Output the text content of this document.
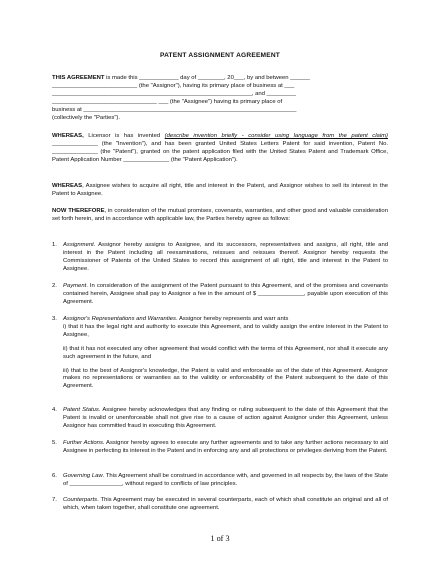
PATENT ASSIGNMENT AGREEMENT
THIS AGREEMENT is made this ____________ day of ________, 20___, by and between ______
__________________________ (the "Assignor"), having its primary place of business at ___
_____________________________________________________________, and _________
________________________________ ___ (the "Assignee") having its primary place of
business at _________________________________________________________________
(collectively the "Parties").
WHEREAS, Licensor is has invented (describe invention briefly - consider using language from the patent claim) ______________ (the "Invention"), and has been granted United States Letters Patent for said invention, Patent No. ______________ (the "Patent"), granted on the patent application filed with the United States Patent and Trademark Office, Patent Application Number ______________ (the "Patent Application").
WHEREAS, Assignee wishes to acquire all right, title and interest in the Patent, and Assignor wishes to sell its interest in the Patent to Assignee.
NOW THEREFORE, in consideration of the mutual promises, covenants, warranties, and other good and valuable consideration set forth herein, and in accordance with applicable law, the Parties hereby agree as follows:
1. Assignment. Assignor hereby assigns to Assignee, and its successors, representatives and assigns, all right, title and interest in the Patent including all reexaminations, reissues and reissues thereof. Assignor hereby requests the Commissioner of Patents of the United States to record this assignment of all right, title and interest in the Patent to Assignee.
2. Payment. In consideration of the assignment of the Patent pursuant to this Agreement, and of the promises and covenants contained herein, Assignee shall pay to Assignor a fee in the amount of $ ______________, payable upon execution of this Agreement.
3. Assignor's Representations and Warranties. Assignor hereby represents and warr ants
i) that it has the legal right and authority to execute this Agreement, and to validly assign the entire interest in the Patent to Assignee,
ii) that it has not executed any other agreement that would conflict with the terms of this Agreement, nor shall it execute any such agreement in the future, and
iii) that to the best of Assignor's knowledge, the Patent is valid and enforceable as of the date of this Agreement. Assignor makes no representations or warranties as to the validity or enforceability of the Patent subsequent to the date of this Agreement.
4. Patent Status. Assignee hereby acknowledges that any finding or ruling subsequent to the date of this Agreement that the Patent is invalid or unenforceable shall not give rise to a cause of action against Assignor under this Agreement, unless Assignor has committed fraud in executing this Agreement.
5. Further Actions. Assignor hereby agrees to execute any further agreements and to take any further actions necessary to aid Assignee in perfecting its interest in the Patent and in enforcing any and all protections or privileges deriving from the Patent.
6. Governing Law. This Agreement shall be construed in accordance with, and governed in all respects by, the laws of the State of ________________, without regard to conflicts of law principles.
7. Counterparts. This Agreement may be executed in several counterparts, each of which shall constitute an original and all of which, when taken together, shall constitute one agreement.
1 of 3
